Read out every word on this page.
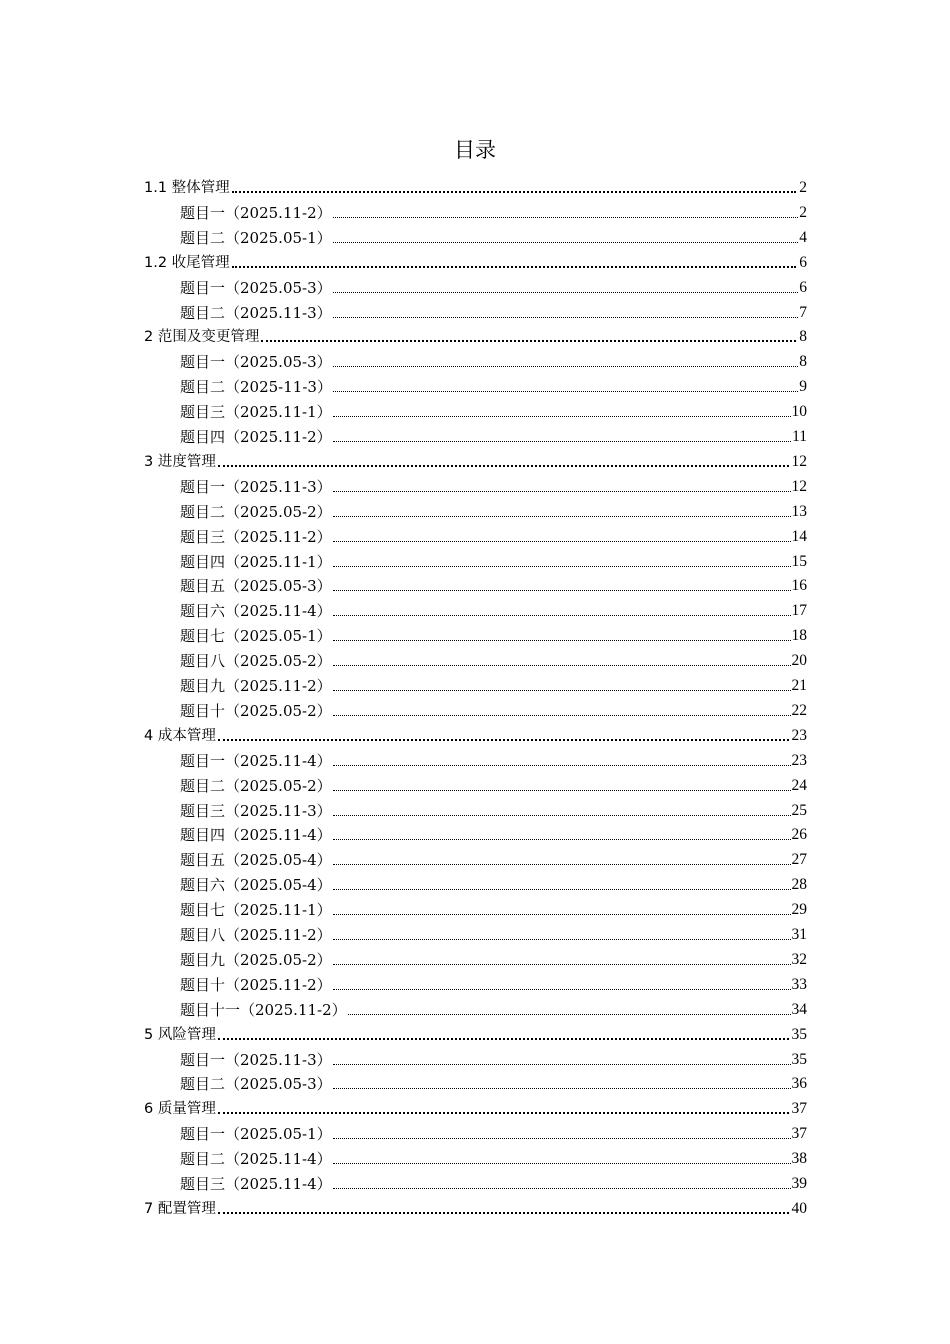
目录
1.1 整体管理	2
题目一（2025.11-2）	2
题目二（2025.05-1）	4
1.2 收尾管理	6
题目一（2025.05-3）	6
题目二（2025.11-3）	7
2 范围及变更管理	8
题目一（2025.05-3）	8
题目二（2025-11-3）	9
题目三（2025.11-1）	10
题目四（2025.11-2）	11
3 进度管理	12
题目一（2025.11-3）	12
题目二（2025.05-2）	13
题目三（2025.11-2）	14
题目四（2025.11-1）	15
题目五（2025.05-3）	16
题目六（2025.11-4）	17
题目七（2025.05-1）	18
题目八（2025.05-2）	20
题目九（2025.11-2）	21
题目十（2025.05-2）	22
4 成本管理	23
题目一（2025.11-4）	23
题目二（2025.05-2）	24
题目三（2025.11-3）	25
题目四（2025.11-4）	26
题目五（2025.05-4）	27
题目六（2025.05-4）	28
题目七（2025.11-1）	29
题目八（2025.11-2）	31
题目九（2025.05-2）	32
题目十（2025.11-2）	33
题目十一（2025.11-2）	34
5 风险管理	35
题目一（2025.11-3）	35
题目二（2025.05-3）	36
6 质量管理	37
题目一（2025.05-1）	37
题目二（2025.11-4）	38
题目三（2025.11-4）	39
7 配置管理	40
